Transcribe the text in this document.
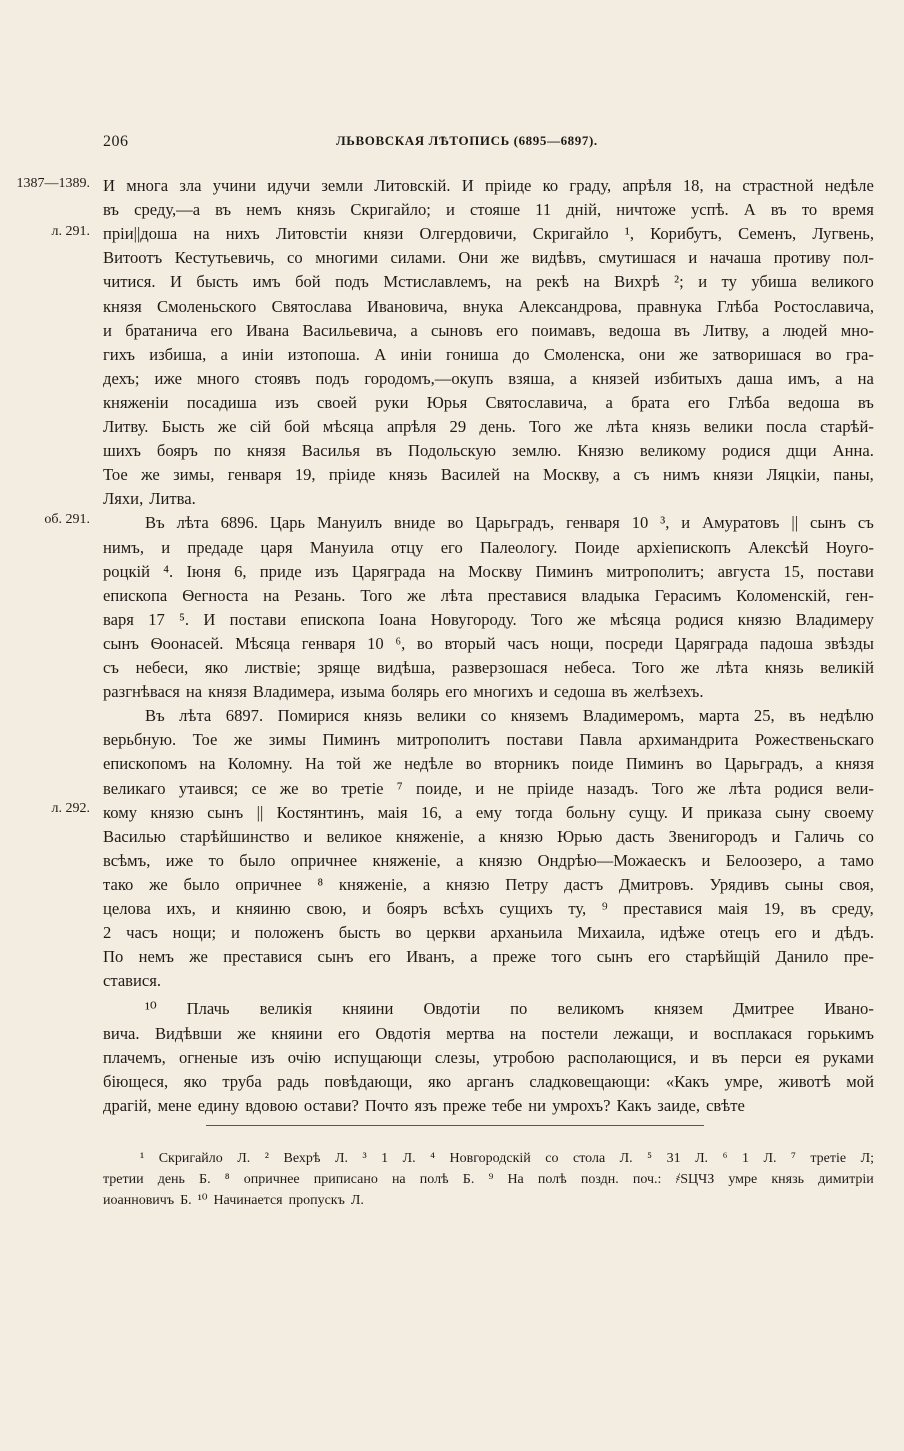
206	ЛЬВОВСКАЯ ЛѢТОПИСЬ (6895—6897).
1387—1389.
л. 291.
об. 291.
л. 292.
И многа зла учини идучи земли Литовскій. И пріиде ко граду, апрѣля 18, на страстной недѣле
въ среду,—а въ немъ князь Скригайло; и стояше 11 дній, ничтоже успѣ. А въ то время
пріи||доша на нихъ Литовстіи князи Олгердовичи, Скригайло ¹, Корибутъ, Семенъ, Лугвень,
Витоотъ Кестутьевичь, со многими силами. Они же видѣвъ, смутишася и начаша противу пол-
читися. И бысть имъ бой подъ Мстиславлемъ, на рекѣ на Вихрѣ ²; и ту убиша великого
князя Смоленьского Святослава Ивановича, внука Александрова, правнука Глѣба Ростославича,
и братанича его Ивана Васильевича, а сыновъ его поимавъ, ведоша въ Литву, а людей мно-
гихъ избиша, а иніи изтопоша. А иніи гониша до Смоленска, они же затворишася во гра-
дехъ; иже много стоявъ подъ городомъ,—окупъ взяша, а князей избитыхъ даша имъ, а на
княженіи посадиша изъ своей руки Юрья Святославича, а брата его Глѣба ведоша въ
Литву. Бысть же сій бой мѣсяца апрѣля 29 день. Того же лѣта князь велики посла старѣй-
шихъ бояръ по князя Василья въ Подольскую землю. Князю великому родися дщи Анна.
Тое же зимы, генваря 19, пріиде князь Василей на Москву, а съ нимъ князи Ляцкіи, паны,
Ляхи, Литва.
Въ лѣта 6896. Царь Мануилъ вниде во Царьградъ, генваря 10 ³, и Амуратовъ || сынъ съ
нимъ, и предаде царя Мануила отцу его Палеологу. Поиде архіепископъ Алексѣй Ноуго-
роцкій ⁴. Іюня 6, приде изъ Царяграда на Москву Пиминъ митрополитъ; августа 15, постави
епископа Ѳегноста на Резань. Того же лѣта преставися владыка Герасимъ Коломенскій, ген-
варя 17 ⁵. И постави епископа Іоана Новугороду. Того же мѣсяца родися князю Владимеру
сынъ Ѳоонасей. Мѣсяца генваря 10 ⁶, во вторый часъ нощи, посреди Царяграда падоша звѣзды
съ небеси, яко листвіе; зряще видѣша, разверзошася небеса. Того же лѣта князь великій
разгнѣвася на князя Владимера, изыма болярь его многихъ и седоша въ желѣзехъ.
Въ лѣта 6897. Помирися князь велики со княземъ Владимеромъ, марта 25, въ недѣлю
верьбную. Тое же зимы Пиминъ митрополитъ постави Павла архимандрита Рожественьскаго
епископомъ на Коломну. На той же недѣле во вторникъ поиде Пиминъ во Царьградъ, а князя
великагo утаився; се же во третіе ⁷ поиде, и не пріиде назадъ. Того же лѣта родися вели-
кому князю сынъ || Костянтинъ, маія 16, а ему тогда больну сущу. И приказа сыну своему
Василью старѣйшинство и великое княженіе, а князю Юрью дасть Звенигородъ и Галичь со
всѣмъ, иже то было опричнее княженіе, а князю Ондрѣю—Можаескъ и Белоозеро, а тамо
тако же было опричнее ⁸ княженіе, а князю Петру дастъ Дмитровъ. Урядивъ сыны своя,
целова ихъ, и княиню свою, и бояръ всѣхъ сущихъ ту, ⁹ преставися маія 19, въ среду,
2 часъ нощи; и положенъ бысть во церкви арханьила Михаила, идѣже отецъ его и дѣдъ.
По немъ же преставися сынъ его Иванъ, а преже того сынъ его старѣйщій Данило пре-
ставися.
¹⁰ Плачь великія княини Овдотіи по великомъ князем Дмитрее Ивано-
вича. Видѣвши же княини его Овдотія мертва на постели лежащи, и восплакася горькимъ
плачемъ, огненые изъ очію испущающи слезы, утробою располающися, и въ перси ея руками
біющеся, яко труба радь повѣдающи, яко арганъ сладковещающи: «Какъ умре, животѣ мой
драгій, мене едину вдовою остави? Почто язъ преже тебе ни умрохъ? Какъ заиде, свѣте
¹ Скригайло Л. ² Вехрѣ Л. ³ 1 Л. ⁴ Новгородскій со стола Л. ⁵ 31 Л. ⁶ 1 Л. ⁷ третіе Л;
третии день Б. ⁸ опричнее приписано на полѣ Б. ⁹ На полѣ поздн. поч.: ҂ЅЦЧЗ умре князь димитріи
иоанновичъ Б. ¹⁰ Начинается пропускъ Л.
